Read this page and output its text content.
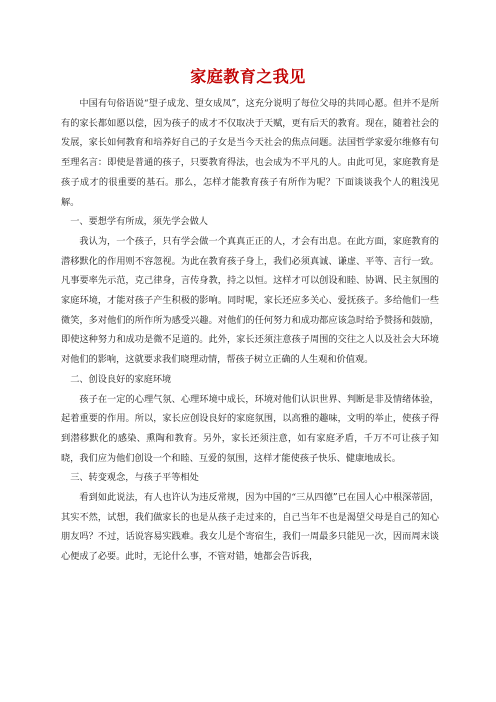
家庭教育之我见

中国有句俗语说“望子成龙、望女成凤”，这充分说明了每位父母的共同心愿。但并不是所有的家长都如愿以偿，因为孩子的成才不仅取决于天赋，更有后天的教育。现在，随着社会的发展，家长如何教育和培养好自己的子女是当今天社会的焦点问题。法国哲学家爱尔维修有句至理名言：即使是普通的孩子，只要教育得法，也会成为不平凡的人。由此可见，家庭教育是孩子成才的很重要的基石。那么，怎样才能教育孩子有所作为呢？下面谈谈我个人的粗浅见解。

一、要想学有所成，须先学会做人

我认为，一个孩子，只有学会做一个真真正正的人，才会有出息。在此方面，家庭教育的潜移默化的作用则不容忽视。为此在教育孩子身上，我们必须真诚、谦虚、平等、言行一致。凡事要率先示范，克己律身，言传身教，持之以恒。这样才可以创设和睦、协调、民主氛围的家庭环境，才能对孩子产生积极的影响。同时呢，家长还应多关心、爱抚孩子。多给他们一些微笑，多对他们的所作所为感受兴趣。对他们的任何努力和成功都应该急时给予赞扬和鼓励，即使这种努力和成功是微不足道的。此外，家长还须注意孩子周围的交往之人以及社会大环境对他们的影响，这就要求我们晓理动情，帮孩子树立正确的人生观和价值观。

二、创设良好的家庭环境

孩子在一定的心理气氛、心理环境中成长，环境对他们认识世界、判断是非及情绪体验，起着重要的作用。所以，家长应创设良好的家庭氛围，以高雅的趣味，文明的举止，使孩子得到潜移默化的感染、熏陶和教育。另外，家长还须注意，如有家庭矛盾，千万不可让孩子知晓，我们应为他们创设一个和睦、互爱的氛围，这样才能使孩子快乐、健康地成长。

三、转变观念，与孩子平等相处

看到如此说法，有人也许认为违反常规，因为中国的“三从四德”已在国人心中根深蒂固，其实不然，试想，我们做家长的也是从孩子走过来的，自己当年不也是渴望父母是自己的知心朋友吗？不过，话说容易实践难。我女儿是个寄宿生，我们一周最多只能见一次，因而周末谈心便成了必要。此时，无论什么事，不管对错，她都会告诉我，
